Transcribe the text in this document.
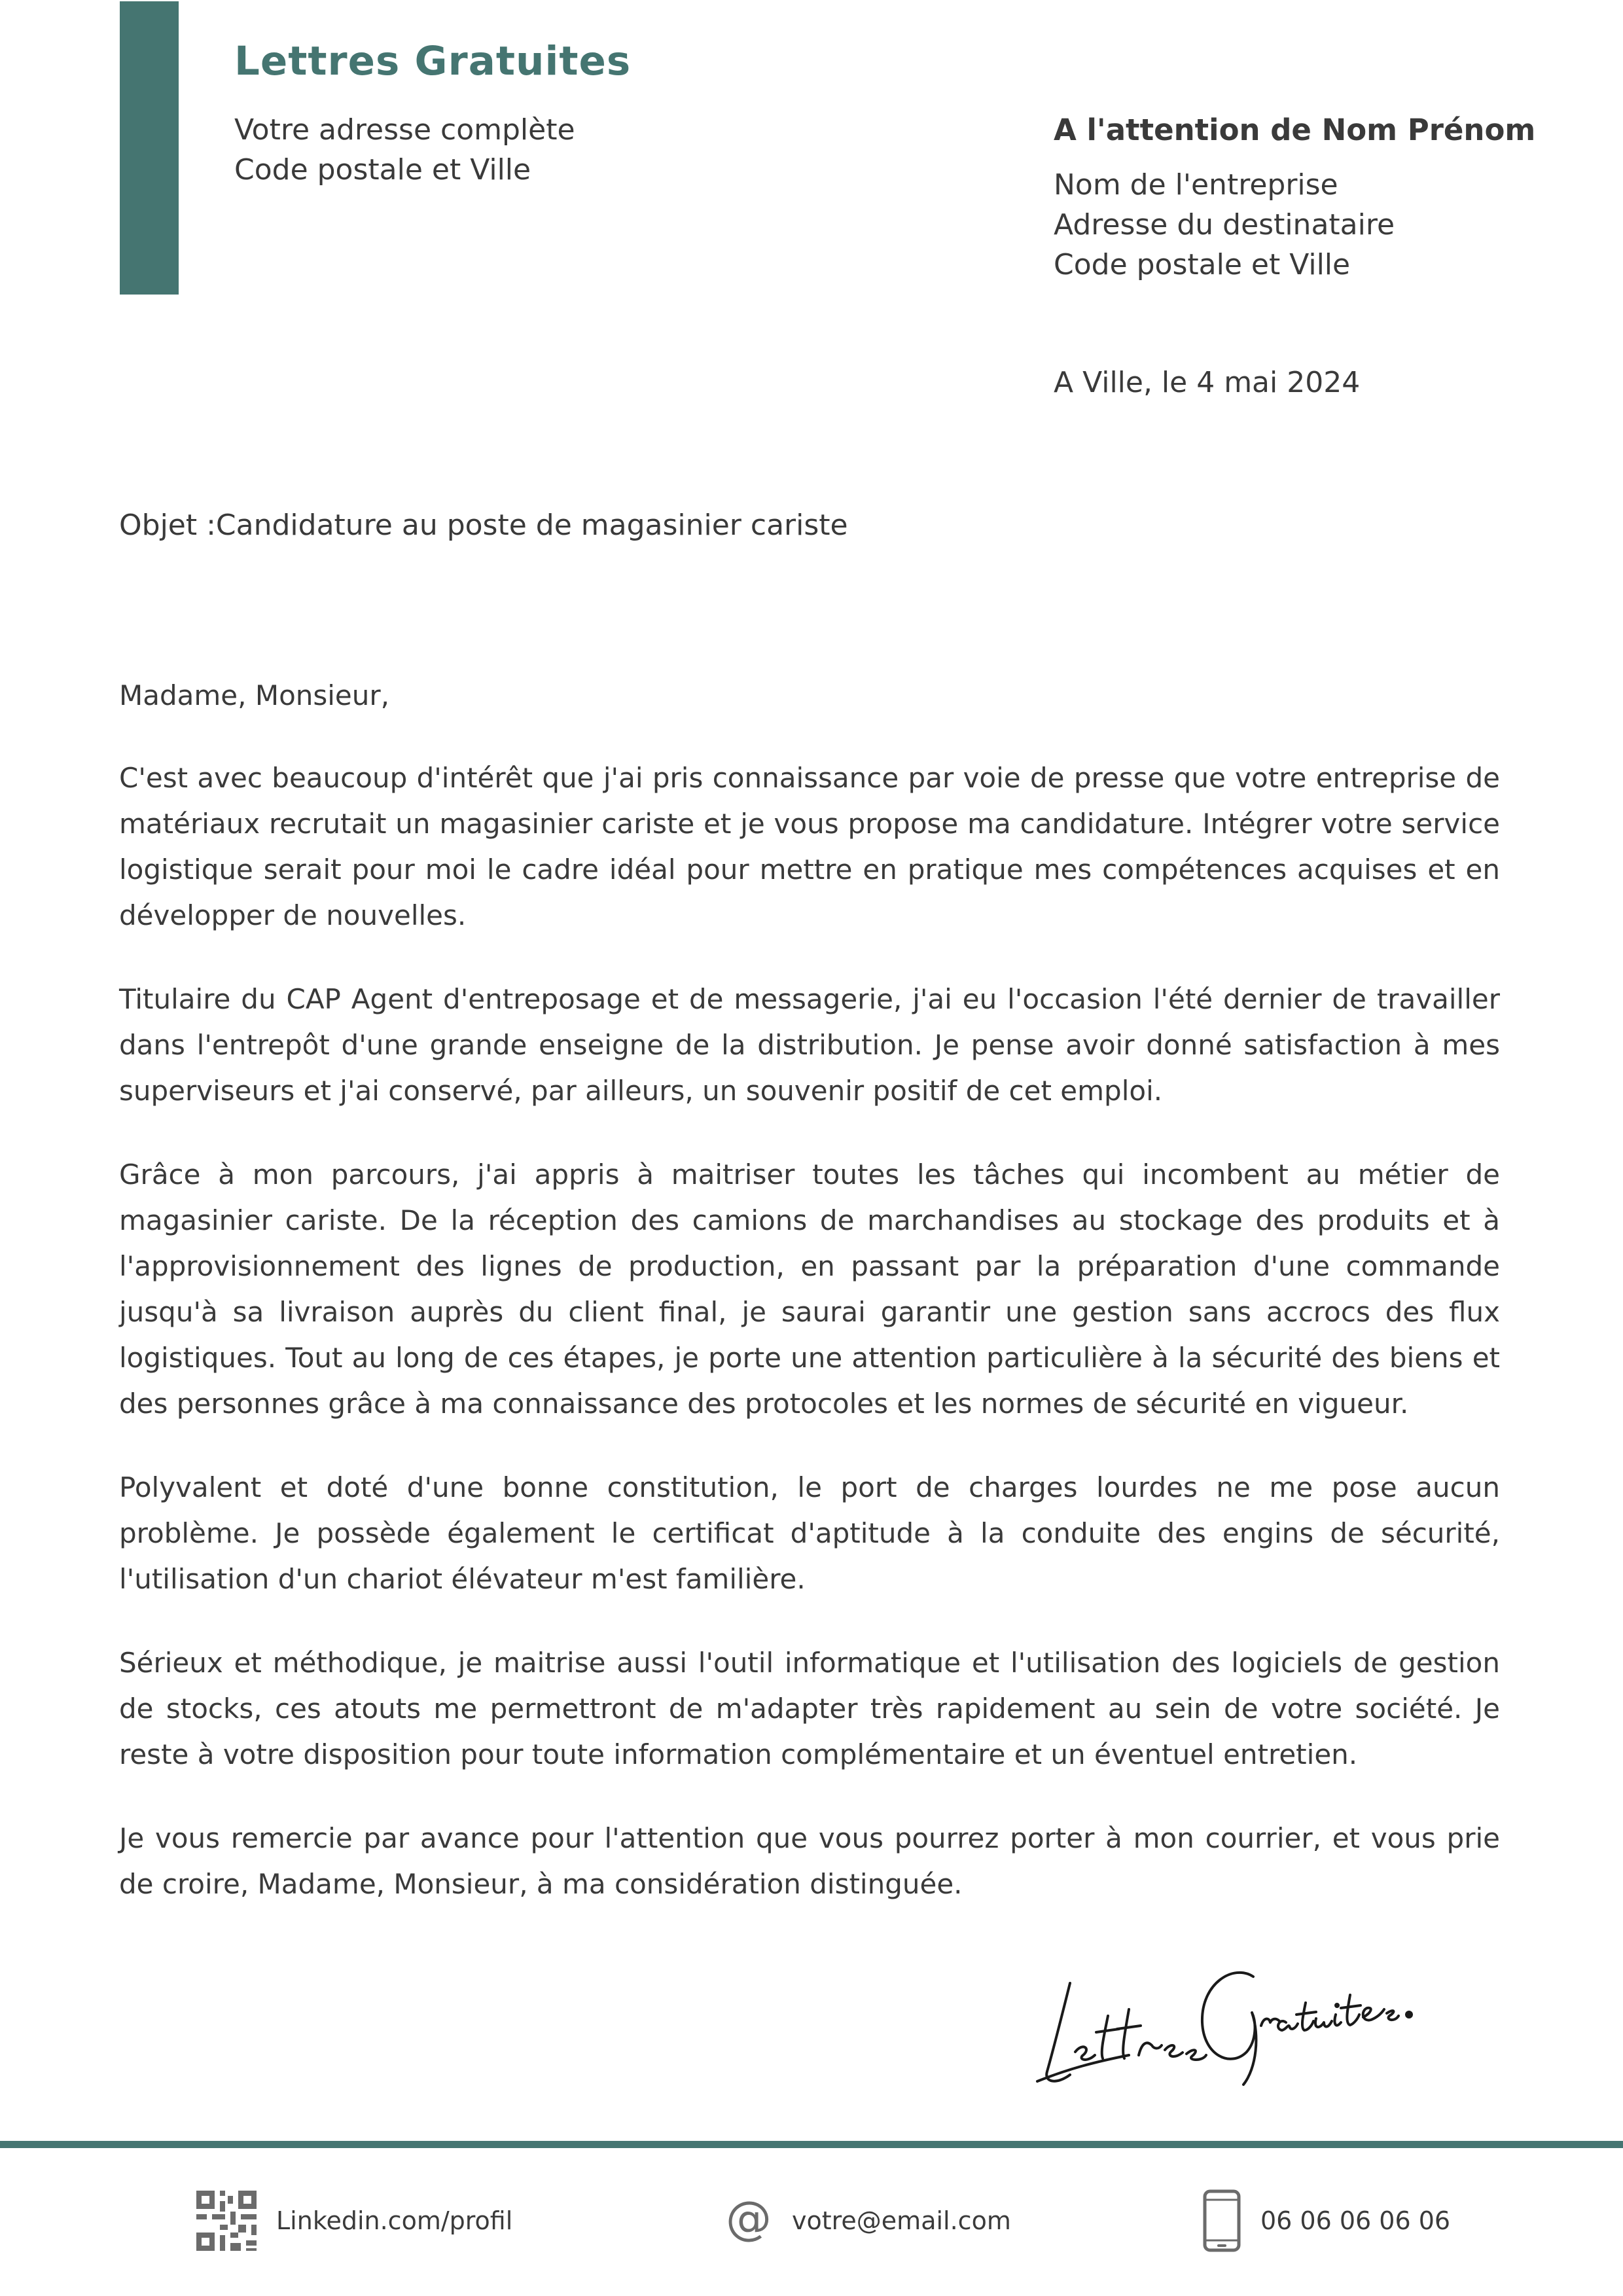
Lettres Gratuites
Votre adresse complète
Code postale et Ville
A l'attention de Nom Prénom
Nom de l'entreprise
Adresse du destinataire
Code postale et Ville
A Ville, le 4 mai 2024
Objet :Candidature au poste de magasinier cariste
Madame, Monsieur,

C'est avec beaucoup d'intérêt que j'ai pris connaissance par voie de presse que votre entreprise de matériaux recrutait un magasinier cariste et je vous propose ma candidature. Intégrer votre service logistique serait pour moi le cadre idéal pour mettre en pratique mes compétences acquises et en développer de nouvelles.

Titulaire du CAP Agent d'entreposage et de messagerie, j'ai eu l'occasion l'été dernier de travailler dans l'entrepôt d'une grande enseigne de la distribution. Je pense avoir donné satisfaction à mes superviseurs et j'ai conservé, par ailleurs, un souvenir positif de cet emploi.

Grâce à mon parcours, j'ai appris à maitriser toutes les tâches qui incombent au métier de magasinier cariste. De la réception des camions de marchandises au stockage des produits et à l'approvisionnement des lignes de production, en passant par la préparation d'une commande jusqu'à sa livraison auprès du client final, je saurai garantir une gestion sans accrocs des flux logistiques. Tout au long de ces étapes, je porte une attention particulière à la sécurité des biens et des personnes grâce à ma connaissance des protocoles et les normes de sécurité en vigueur.

Polyvalent et doté d'une bonne constitution, le port de charges lourdes ne me pose aucun problème. Je possède également le certificat d'aptitude à la conduite des engins de sécurité, l'utilisation d'un chariot élévateur m'est familière.

Sérieux et méthodique, je maitrise aussi l'outil informatique et l'utilisation des logiciels de gestion de stocks, ces atouts me permettront de m'adapter très rapidement au sein de votre société. Je reste à votre disposition pour toute information complémentaire et un éventuel entretien.

Je vous remercie par avance pour l'attention que vous pourrez porter à mon courrier, et vous prie de croire, Madame, Monsieur, à ma considération distinguée.

Linkedin.com/profil	@ votre@email.com	06 06 06 06 06
